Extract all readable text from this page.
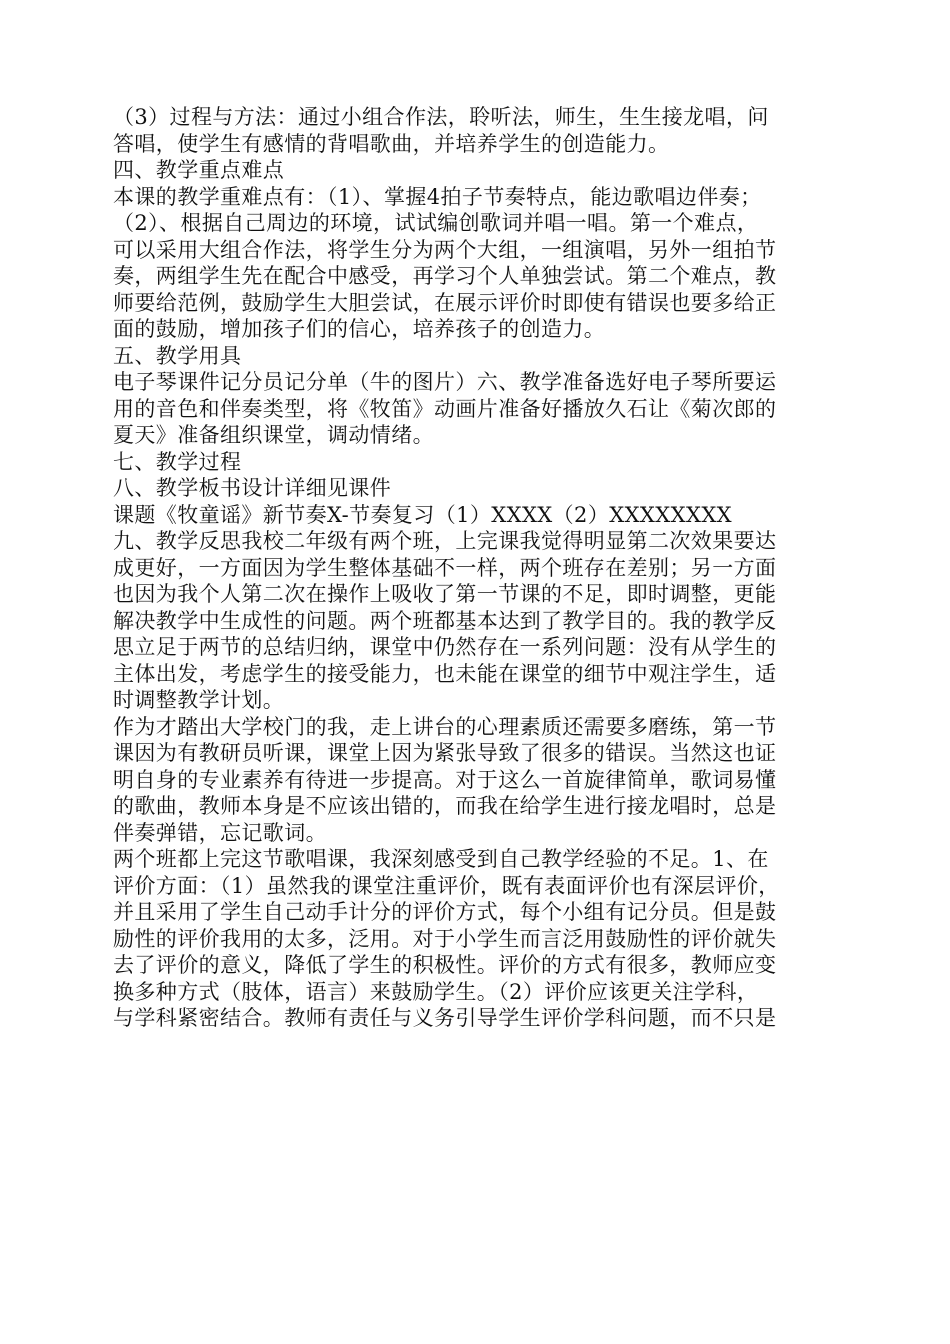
（3）过程与方法：通过小组合作法，聆听法，师生，生生接龙唱，问
答唱，使学生有感情的背唱歌曲，并培养学生的创造能力。
四、教学重点难点
本课的教学重难点有：（1）、掌握4拍子节奏特点，能边歌唱边伴奏；
（2）、根据自己周边的环境，试试编创歌词并唱一唱。第一个难点，
可以采用大组合作法，将学生分为两个大组，一组演唱，另外一组拍节
奏，两组学生先在配合中感受，再学习个人单独尝试。第二个难点，教
师要给范例，鼓励学生大胆尝试，在展示评价时即使有错误也要多给正
面的鼓励，增加孩子们的信心，培养孩子的创造力。
五、教学用具
电子琴课件记分员记分单（牛的图片）六、教学准备选好电子琴所要运
用的音色和伴奏类型，将《牧笛》动画片准备好播放久石让《菊次郎的
夏天》准备组织课堂，调动情绪。
七、教学过程
八、教学板书设计详细见课件
课题《牧童谣》新节奏X-节奏复习（1）XXXX（2）XXXXXXXX
九、教学反思我校二年级有两个班，上完课我觉得明显第二次效果要达
成更好，一方面因为学生整体基础不一样，两个班存在差别；另一方面
也因为我个人第二次在操作上吸收了第一节课的不足，即时调整，更能
解决教学中生成性的问题。两个班都基本达到了教学目的。我的教学反
思立足于两节的总结归纳，课堂中仍然存在一系列问题：没有从学生的
主体出发，考虑学生的接受能力，也未能在课堂的细节中观注学生，适
时调整教学计划。
作为才踏出大学校门的我，走上讲台的心理素质还需要多磨练，第一节
课因为有教研员听课，课堂上因为紧张导致了很多的错误。当然这也证
明自身的专业素养有待进一步提高。对于这么一首旋律简单，歌词易懂
的歌曲，教师本身是不应该出错的，而我在给学生进行接龙唱时，总是
伴奏弹错，忘记歌词。
两个班都上完这节歌唱课，我深刻感受到自己教学经验的不足。1、在
评价方面：（1）虽然我的课堂注重评价，既有表面评价也有深层评价，
并且采用了学生自己动手计分的评价方式，每个小组有记分员。但是鼓
励性的评价我用的太多，泛用。对于小学生而言泛用鼓励性的评价就失
去了评价的意义，降低了学生的积极性。评价的方式有很多，教师应变
换多种方式（肢体，语言）来鼓励学生。（2）评价应该更关注学科，
与学科紧密结合。教师有责任与义务引导学生评价学科问题，而不只是
